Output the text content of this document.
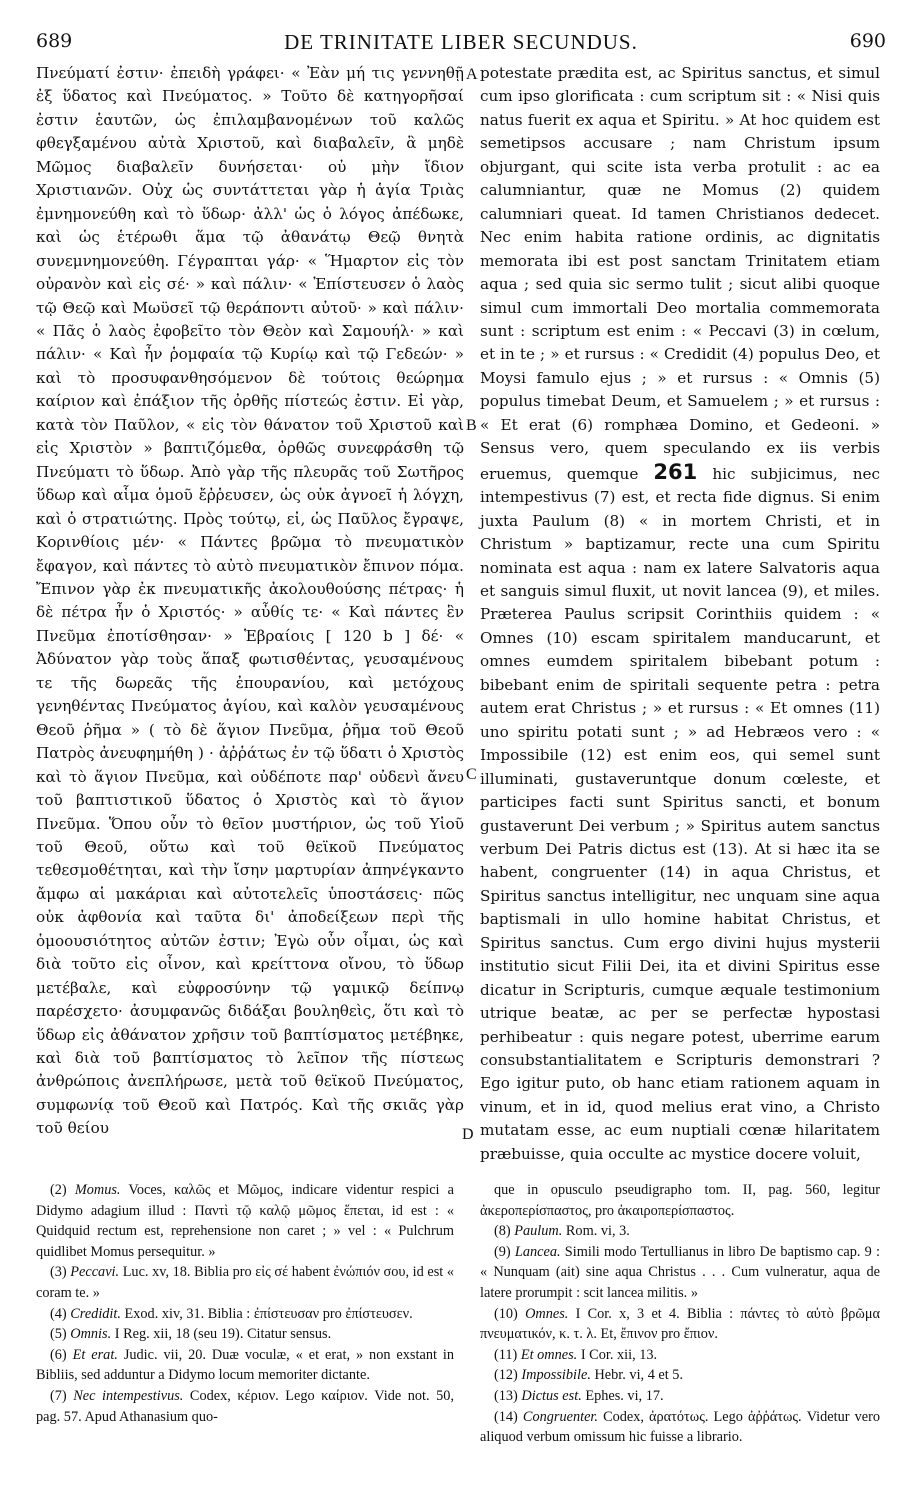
689	DE TRINITATE LIBER SECUNDUS.	690

Πνεύματί ἐστιν· ἐπειδὴ γράφει· « Ἐὰν μή τις γεννηθῇ ἐξ ὕδατος καὶ Πνεύματος. » Τοῦτο δὲ κατηγορῆσαί ἐστιν ἑαυτῶν, ὡς ἐπιλαμβανομένων τοῦ καλῶς φθεγξαμένου αὐτὰ Χριστοῦ, καὶ διαβαλεῖν, ἃ μηδὲ Μῶμος διαβαλεῖν δυνήσεται· οὐ μὴν ἴδιον Χριστιανῶν. Οὐχ ὡς συντάττεται γὰρ ἡ ἁγία Τριὰς ἐμνημονεύθη καὶ τὸ ὕδωρ· ἀλλ' ὡς ὁ λόγος ἀπέδωκε, καὶ ὡς ἑτέρωθι ἅμα τῷ ἀθανάτῳ Θεῷ θνητὰ συνεμνημονεύθη. Γέγραπται γάρ· « Ἥμαρτον εἰς τὸν οὐρανὸν καὶ εἰς σέ· » καὶ πάλιν· « Ἐπίστευσεν ὁ λαὸς τῷ Θεῷ καὶ Μωϋσεῖ τῷ θεράποντι αὐτοῦ· » καὶ πάλιν· « Πᾶς ὁ λαὸς ἐφοβεῖτο τὸν Θεὸν καὶ Σαμουήλ· » καὶ πάλιν· « Καὶ ἦν ῥομφαία τῷ Κυρίῳ καὶ τῷ Γεδεών· » καὶ τὸ προσυφανθησόμενον δὲ τούτοις θεώρημα καίριον καὶ ἐπάξιον τῆς ὀρθῆς πίστεώς ἐστιν. Εἰ γὰρ, κατὰ τὸν Παῦλον, « εἰς τὸν θάνατον τοῦ Χριστοῦ καὶ εἰς Χριστὸν » βαπτιζόμεθα, ὀρθῶς συνεφράσθη τῷ Πνεύματι τὸ ὕδωρ. Ἀπὸ γὰρ τῆς πλευρᾶς τοῦ Σωτῆρος ὕδωρ καὶ αἷμα ὁμοῦ ἔῤῥευσεν, ὡς οὐκ ἀγνοεῖ ἡ λόγχη, καὶ ὁ στρατιώτης. Πρὸς τούτῳ, εἰ, ὡς Παῦλος ἔγραψε, Κορινθίοις μέν· « Πάντες βρῶμα τὸ πνευματικὸν ἔφαγον, καὶ πάντες τὸ αὐτὸ πνευματικὸν ἔπινον πόμα. Ἔπινον γὰρ ἐκ πνευματικῆς ἀκολουθούσης πέτρας· ἡ δὲ πέτρα ἦν ὁ Χριστός· » αὖθίς τε· « Καὶ πάντες ἓν Πνεῦμα ἐποτίσθησαν· » Ἑβραίοις [ 120 b ] δέ· « Ἀδύνατον γὰρ τοὺς ἅπαξ φωτισθέντας, γευσαμένους τε τῆς δωρεᾶς τῆς ἐπουρανίου, καὶ μετόχους γενηθέντας Πνεύματος ἁγίου, καὶ καλὸν γευσαμένους Θεοῦ ῥῆμα » ( τὸ δὲ ἅγιον Πνεῦμα, ῥῆμα τοῦ Θεοῦ Πατρὸς ἀνευφημήθη ) · ἀῤῥάτως ἐν τῷ ὕδατι ὁ Χριστὸς καὶ τὸ ἅγιον Πνεῦμα, καὶ οὐδέποτε παρ' οὐδενὶ ἄνευ τοῦ βαπτιστικοῦ ὕδατος ὁ Χριστὸς καὶ τὸ ἅγιον Πνεῦμα. Ὅπου οὖν τὸ θεῖον μυστήριον, ὡς τοῦ Υἱοῦ τοῦ Θεοῦ, οὕτω καὶ τοῦ θεϊκοῦ Πνεύματος τεθεσμοθέτηται, καὶ τὴν ἴσην μαρτυρίαν ἀπηνέγκαντο ἄμφω αἱ μακάριαι καὶ αὐτοτελεῖς ὑποστάσεις· πῶς οὐκ ἀφθονία καὶ ταῦτα δι' ἀποδείξεων περὶ τῆς ὁμοουσιότητος αὐτῶν ἐστιν; Ἐγὼ οὖν οἶμαι, ὡς καὶ διὰ τοῦτο εἰς οἶνον, καὶ κρείττονα οἴνου, τὸ ὕδωρ μετέβαλε, καὶ εὐφροσύνην τῷ γαμικῷ δείπνῳ παρέσχετο· ἀσυμφανῶς διδάξαι βουληθεὶς, ὅτι καὶ τὸ ὕδωρ εἰς ἀθάνατον χρῆσιν τοῦ βαπτίσματος μετέβηκε, καὶ διὰ τοῦ βαπτίσματος τὸ λεῖπον τῆς πίστεως ἀνθρώποις ἀνεπλήρωσε, μετὰ τοῦ θεϊκοῦ Πνεύματος, συμφωνίᾳ τοῦ Θεοῦ καὶ Πατρός. Καὶ τῆς σκιᾶς γὰρ τοῦ θείου

A
B
C
D

potestate prædita est, ac Spiritus sanctus, et simul cum ipso glorificata : cum scriptum sit : « Nisi quis natus fuerit ex aqua et Spiritu. » At hoc quidem est semetipsos accusare ; nam Christum ipsum objurgant, qui scite ista verba protulit : ac ea calumniantur, quæ ne Momus (2) quidem calumniari queat. Id tamen Christianos dedecet. Nec enim habita ratione ordinis, ac dignitatis memorata ibi est post sanctam Trinitatem etiam aqua ; sed quia sic sermo tulit ; sicut alibi quoque simul cum immortali Deo mortalia commemorata sunt : scriptum est enim : « Peccavi (3) in cœlum, et in te ; » et rursus : « Credidit (4) populus Deo, et Moysi famulo ejus ; » et rursus : « Omnis (5) populus timebat Deum, et Samuelem ; » et rursus : « Et erat (6) romphæa Domino, et Gedeoni. » Sensus vero, quem speculando ex iis verbis eruemus, quemque 261 hic subjicimus, nec intempestivus (7) est, et recta fide dignus. Si enim juxta Paulum (8) « in mortem Christi, et in Christum » baptizamur, recte una cum Spiritu nominata est aqua : nam ex latere Salvatoris aqua et sanguis simul fluxit, ut novit lancea (9), et miles. Præterea Paulus scripsit Corinthiis quidem : « Omnes (10) escam spiritalem manducarunt, et omnes eumdem spiritalem bibebant potum : bibebant enim de spiritali sequente petra : petra autem erat Christus ; » et rursus : « Et omnes (11) uno spiritu potati sunt ; » ad Hebræos vero : « Impossibile (12) est enim eos, qui semel sunt illuminati, gustaveruntque donum cœleste, et participes facti sunt Spiritus sancti, et bonum gustaverunt Dei verbum ; » Spiritus autem sanctus verbum Dei Patris dictus est (13). At si hæc ita se habent, congruenter (14) in aqua Christus, et Spiritus sanctus intelligitur, nec unquam sine aqua baptismali in ullo homine habitat Christus, et Spiritus sanctus. Cum ergo divini hujus mysterii institutio sicut Filii Dei, ita et divini Spiritus esse dicatur in Scripturis, cumque æquale testimonium utrique beatæ, ac per se perfectæ hypostasi perhibeatur : quis negare potest, uberrime earum consubstantialitatem e Scripturis demonstrari ? Ego igitur puto, ob hanc etiam rationem aquam in vinum, et in id, quod melius erat vino, a Christo mutatam esse, ac eum nuptiali cœnæ hilaritatem præbuisse, quia occulte ac mystice docere voluit,

(2) Momus. Voces, καλῶς et Μῶμος, indicare videntur respici a Didymo adagium illud : Παντὶ τῷ καλῷ μῶμος ἕπεται, id est : « Quidquid rectum est, reprehensione non caret ; » vel : « Pulchrum quidlibet Momus persequitur. »

(3) Peccavi. Luc. xv, 18. Biblia pro εἰς σέ habent ἐνώπιόν σου, id est « coram te. »

(4) Credidit. Exod. xiv, 31. Biblia : ἐπίστευσαν pro ἐπίστευσεν.

(5) Omnis. I Reg. xii, 18 (seu 19). Citatur sensus.

(6) Et erat. Judic. vii, 20. Duæ voculæ, « et erat, » non exstant in Bibliis, sed adduntur a Didymo locum memoriter dictante.

(7) Nec intempestivus. Codex, κέριον. Lego καίριον. Vide not. 50, pag. 57. Apud Athanasium quo-

que in opusculo pseudigrapho tom. II, pag. 560, legitur ἀκεροπερίσπαστος, pro ἀκαιροπερίσπαστος.

(8) Paulum. Rom. vi, 3.

(9) Lancea. Simili modo Tertullianus in libro De baptismo cap. 9 : « Nunquam (ait) sine aqua Christus . . . Cum vulneratur, aqua de latere prorumpit : scit lancea militis. »

(10) Omnes. I Cor. x, 3 et 4. Biblia : πάντες τὸ αὐτὸ βρῶμα πνευματικόν, κ. τ. λ. Et, ἔπινον pro ἔπιον.

(11) Et omnes. I Cor. xii, 13.

(12) Impossibile. Hebr. vi, 4 et 5.

(13) Dictus est. Ephes. vi, 17.

(14) Congruenter. Codex, ἀρατότως. Lego ἀῤῥάτως. Videtur vero aliquod verbum omissum hic fuisse a librario.
